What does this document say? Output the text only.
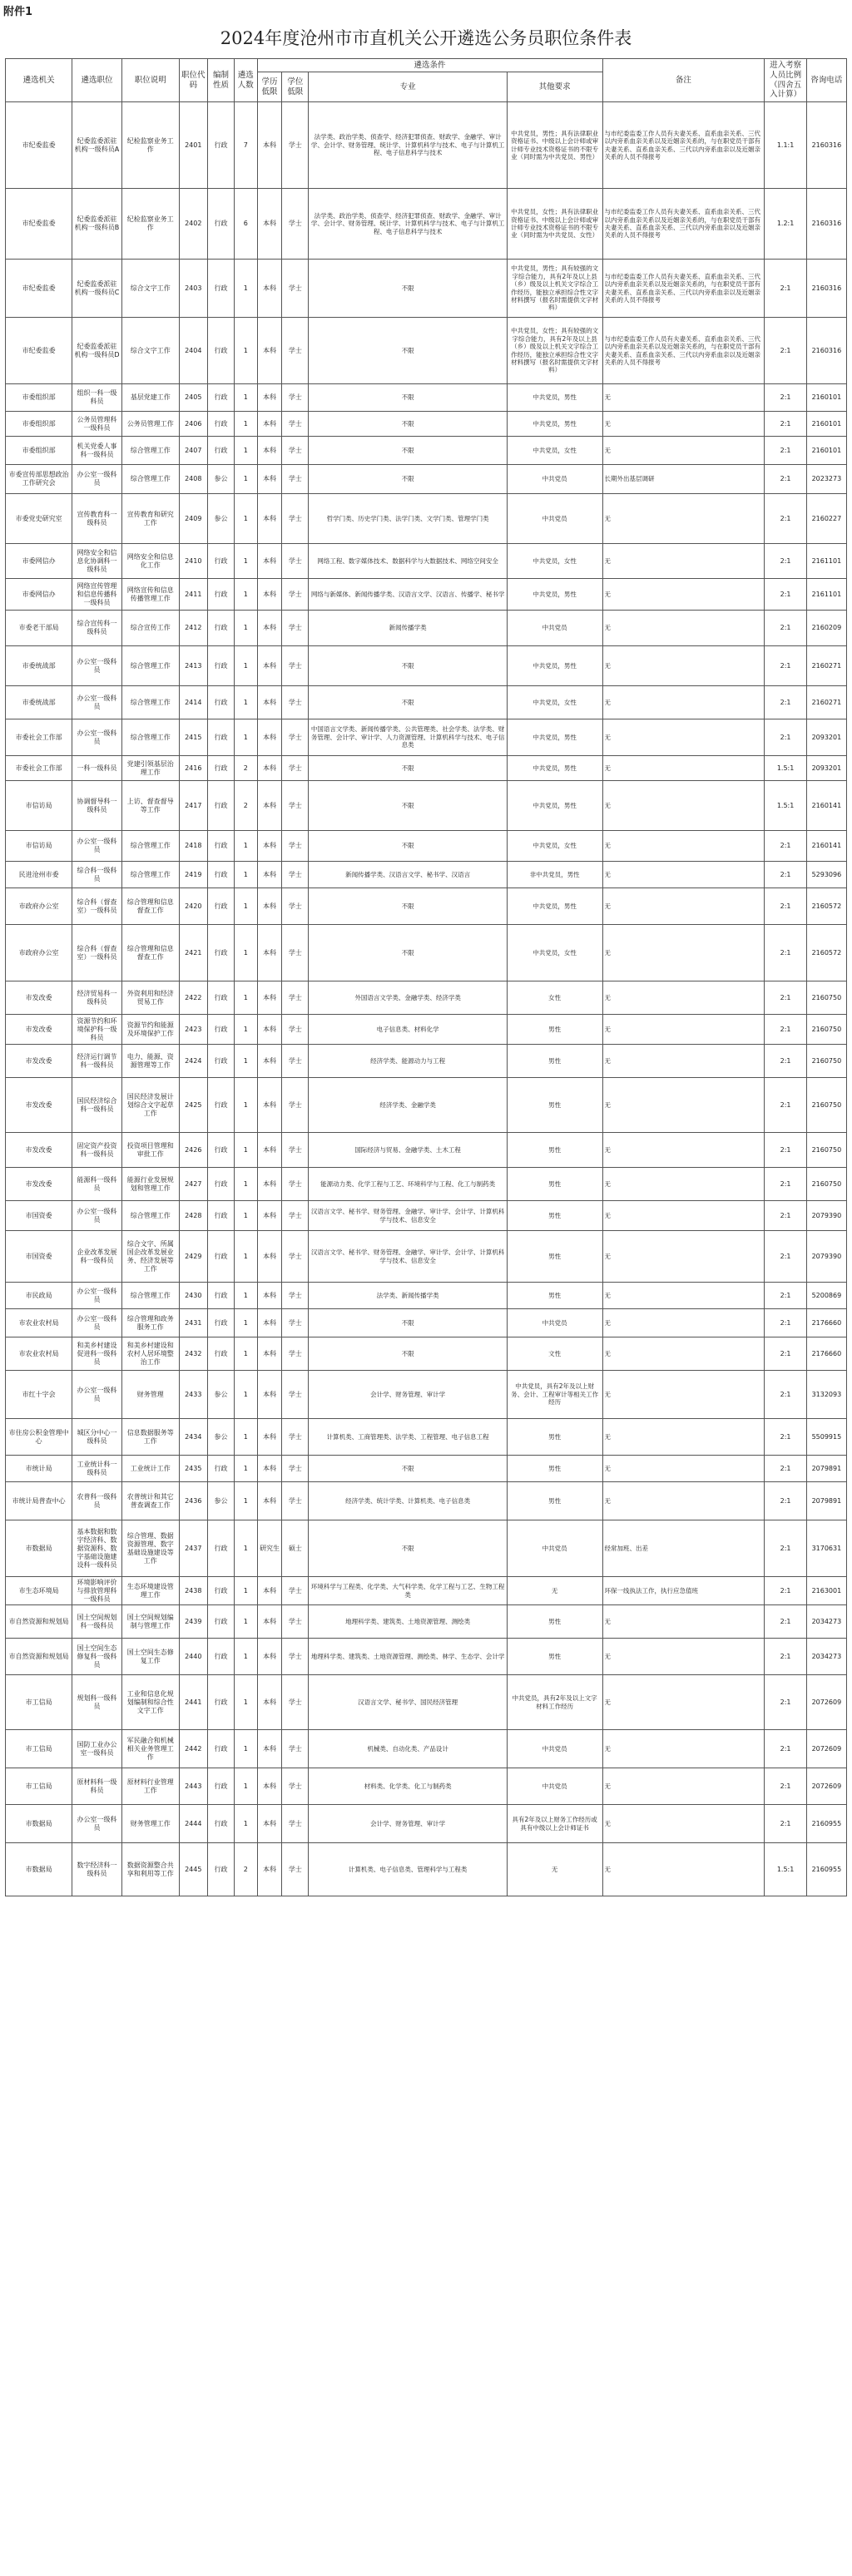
附件1
2024年度沧州市市直机关公开遴选公务员职位条件表
遴选机关	遴选职位	职位说明	职位代码	编制性质	遴选人数	遴选条件				备注	进入考察人员比例（四舍五入计算）	咨询电话
						学历低限	学位低限	专业	其他要求			
市纪委监委	纪委监委派驻机构一级科员A	纪检监察业务工作	2401	行政	7	本科	学士	法学类、政治学类、侦查学、经济犯罪侦查、财政学、金融学、审计学、会计学、财务管理、统计学、计算机科学与技术、电子与计算机工程、电子信息科学与技术	中共党员，男性；具有法律职业资格证书、中级以上会计师或审计师专业技术资格证书的不限专业（同时需为中共党员、男性）	与市纪委监委工作人员有夫妻关系、直系血亲关系、三代以内旁系血亲关系以及近姻亲关系的，与在职党员干部有夫妻关系、直系血亲关系、三代以内旁系血亲以及近姻亲关系的人员不得报考	1.1:1	2160316
市纪委监委	纪委监委派驻机构一级科员B	纪检监察业务工作	2402	行政	6	本科	学士	法学类、政治学类、侦查学、经济犯罪侦查、财政学、金融学、审计学、会计学、财务管理、统计学、计算机科学与技术、电子与计算机工程、电子信息科学与技术	中共党员，女性；具有法律职业资格证书、中级以上会计师或审计师专业技术资格证书的不限专业（同时需为中共党员、女性）	与市纪委监委工作人员有夫妻关系、直系血亲关系、三代以内旁系血亲关系以及近姻亲关系的，与在职党员干部有夫妻关系、直系血亲关系、三代以内旁系血亲以及近姻亲关系的人员不得报考	1.2:1	2160316
市纪委监委	纪委监委派驻机构一级科员C	综合文字工作	2403	行政	1	本科	学士	不限	中共党员，男性；具有较强的文字综合能力，具有2年及以上县（乡）级及以上机关文字综合工作经历，能独立承担综合性文字材料撰写（报名时需提供文字材料）	与市纪委监委工作人员有夫妻关系、直系血亲关系、三代以内旁系血亲关系以及近姻亲关系的，与在职党员干部有夫妻关系、直系血亲关系、三代以内旁系血亲以及近姻亲关系的人员不得报考	2:1	2160316
市纪委监委	纪委监委派驻机构一级科员D	综合文字工作	2404	行政	1	本科	学士	不限	中共党员，女性；具有较强的文字综合能力，具有2年及以上县（乡）级及以上机关文字综合工作经历，能独立承担综合性文字材料撰写（报名时需提供文字材料）	与市纪委监委工作人员有夫妻关系、直系血亲关系、三代以内旁系血亲关系以及近姻亲关系的，与在职党员干部有夫妻关系、直系血亲关系、三代以内旁系血亲以及近姻亲关系的人员不得报考	2:1	2160316
市委组织部	组织一科一级科员	基层党建工作	2405	行政	1	本科	学士	不限	中共党员，男性	无	2:1	2160101
市委组织部	公务员管理科一级科员	公务员管理工作	2406	行政	1	本科	学士	不限	中共党员，男性	无	2:1	2160101
市委组织部	机关党委人事科一级科员	综合管理工作	2407	行政	1	本科	学士	不限	中共党员，女性	无	2:1	2160101
市委宣传部思想政治工作研究会	办公室一级科员	综合管理工作	2408	参公	1	本科	学士	不限	中共党员	长期外出基层调研	2:1	2023273
市委党史研究室	宣传教育科一级科员	宣传教育和研究工作	2409	参公	1	本科	学士	哲学门类、历史学门类、法学门类、文学门类、管理学门类	中共党员	无	2:1	2160227
市委网信办	网络安全和信息化协调科一级科员	网络安全和信息化工作	2410	行政	1	本科	学士	网络工程、数字媒体技术、数据科学与大数据技术、网络空间安全	中共党员，女性	无	2:1	2161101
市委网信办	网络宣传管理和信息传播科一级科员	网络宣传和信息传播管理工作	2411	行政	1	本科	学士	网络与新媒体、新闻传播学类、汉语言文学、汉语言、传播学、秘书学	中共党员，男性	无	2:1	2161101
市委老干部局	综合宣传科一级科员	综合宣传工作	2412	行政	1	本科	学士	新闻传播学类	中共党员	无	2:1	2160209
市委统战部	办公室一级科员	综合管理工作	2413	行政	1	本科	学士	不限	中共党员，男性	无	2:1	2160271
市委统战部	办公室一级科员	综合管理工作	2414	行政	1	本科	学士	不限	中共党员，女性	无	2:1	2160271
市委社会工作部	办公室一级科员	综合管理工作	2415	行政	1	本科	学士	中国语言文学类、新闻传播学类、公共管理类、社会学类、法学类、财务管理、会计学、审计学、人力资源管理、计算机科学与技术、电子信息类	中共党员，男性	无	2:1	2093201
市委社会工作部	一科一级科员	党建引领基层治理工作	2416	行政	2	本科	学士	不限	中共党员，男性	无	1.5:1	2093201
市信访局	协调督导科一级科员	上访、督查督导等工作	2417	行政	2	本科	学士	不限	中共党员，男性	无	1.5:1	2160141
市信访局	办公室一级科员	综合管理工作	2418	行政	1	本科	学士	不限	中共党员，女性	无	2:1	2160141
民进沧州市委	综合科一级科员	综合管理工作	2419	行政	1	本科	学士	新闻传播学类、汉语言文学、秘书学、汉语言	非中共党员，男性	无	2:1	5293096
市政府办公室	综合科（督查室）一级科员	综合管理和信息督查工作	2420	行政	1	本科	学士	不限	中共党员，男性	无	2:1	2160572
市政府办公室	综合科（督查室）一级科员	综合管理和信息督查工作	2421	行政	1	本科	学士	不限	中共党员，女性	无	2:1	2160572
市发改委	经济贸易科一级科员	外资利用和经济贸易工作	2422	行政	1	本科	学士	外国语言文学类、金融学类、经济学类	女性	无	2:1	2160750
市发改委	资源节约和环境保护科一级科员	资源节约和能源及环境保护工作	2423	行政	1	本科	学士	电子信息类、材料化学	男性	无	2:1	2160750
市发改委	经济运行调节科一级科员	电力、能源、资源管理等工作	2424	行政	1	本科	学士	经济学类、能源动力与工程	男性	无	2:1	2160750
市发改委	国民经济综合科一级科员	国民经济发展计划综合文字起草工作	2425	行政	1	本科	学士	经济学类、金融学类	男性	无	2:1	2160750
市发改委	固定资产投资科一级科员	投资项目管理和审批工作	2426	行政	1	本科	学士	国际经济与贸易、金融学类、土木工程	男性	无	2:1	2160750
市发改委	能源科一级科员	能源行业发展规划和管理工作	2427	行政	1	本科	学士	能源动力类、化学工程与工艺、环境科学与工程、化工与制药类	男性	无	2:1	2160750
市国资委	办公室一级科员	综合管理工作	2428	行政	1	本科	学士	汉语言文学、秘书学、财务管理、金融学、审计学、会计学、计算机科学与技术、信息安全	男性	无	2:1	2079390
市国资委	企业改革发展科一级科员	综合文字、所属国企改革发展业务、经济发展等工作	2429	行政	1	本科	学士	汉语言文学、秘书学、财务管理、金融学、审计学、会计学、计算机科学与技术、信息安全	男性	无	2:1	2079390
市民政局	办公室一级科员	综合管理工作	2430	行政	1	本科	学士	法学类、新闻传播学类	男性	无	2:1	5200869
市农业农村局	办公室一级科员	综合管理和政务服务工作	2431	行政	1	本科	学士	不限	中共党员	无	2:1	2176660
市农业农村局	和美乡村建设促进科一级科员	和美乡村建设和农村人居环境整治工作	2432	行政	1	本科	学士	不限	文性	无	2:1	2176660
市红十字会	办公室一级科员	财务管理	2433	参公	1	本科	学士	会计学、财务管理、审计学	中共党员，具有2年及以上财务、会计、工程审计等相关工作经历	无	2:1	3132093
市住房公积金管理中心	城区分中心一级科员	信息数据服务等工作	2434	参公	1	本科	学士	计算机类、工商管理类、法学类、工程管理、电子信息工程	男性	无	2:1	5509915
市统计局	工业统计科一级科员	工业统计工作	2435	行政	1	本科	学士	不限	男性	无	2:1	2079891
市统计局普查中心	农普科一级科员	农普统计和其它普查调查工作	2436	参公	1	本科	学士	经济学类、统计学类、计算机类、电子信息类	男性	无	2:1	2079891
市数据局	基本数据和数字经济科、数据资源科、数字基础设施建设科一级科员	综合管理、数据资源管理、数字基础设施建设等工作	2437	行政	1	研究生	硕士	不限	中共党员	经常加班、出差	2:1	3170631
市生态环境局	环境影响评价与排放管理科一级科员	生态环境建设管理工作	2438	行政	1	本科	学士	环境科学与工程类、化学类、大气科学类、化学工程与工艺、生物工程类	无	环保一线执法工作，执行应急值班	2:1	2163001
市自然资源和规划局	国土空间规划科一级科员	国土空间规划编制与管理工作	2439	行政	1	本科	学士	地理科学类、建筑类、土地资源管理、测绘类	男性	无	2:1	2034273
市自然资源和规划局	国土空间生态修复科一级科员	国土空间生态修复工作	2440	行政	1	本科	学士	地理科学类、建筑类、土地资源管理、测绘类、林学、生态学、会计学	男性	无	2:1	2034273
市工信局	规划科一级科员	工业和信息化规划编制和综合性文字工作	2441	行政	1	本科	学士	汉语言文学、秘书学、国民经济管理	中共党员，具有2年及以上文字材料工作经历	无	2:1	2072609
市工信局	国防工业办公室一级科员	军民融合和机械相关业务管理工作	2442	行政	1	本科	学士	机械类、自动化类、产品设计	中共党员	无	2:1	2072609
市工信局	原材料科一级科员	原材料行业管理工作	2443	行政	1	本科	学士	材料类、化学类、化工与制药类	中共党员	无	2:1	2072609
市数据局	办公室一级科员	财务管理工作	2444	行政	1	本科	学士	会计学、财务管理、审计学	具有2年及以上财务工作经历或具有中级以上会计师证书	无	2:1	2160955
市数据局	数字经济科一级科员	数据资源整合共享和利用等工作	2445	行政	2	本科	学士	计算机类、电子信息类、管理科学与工程类	无	无	1.5:1	2160955
